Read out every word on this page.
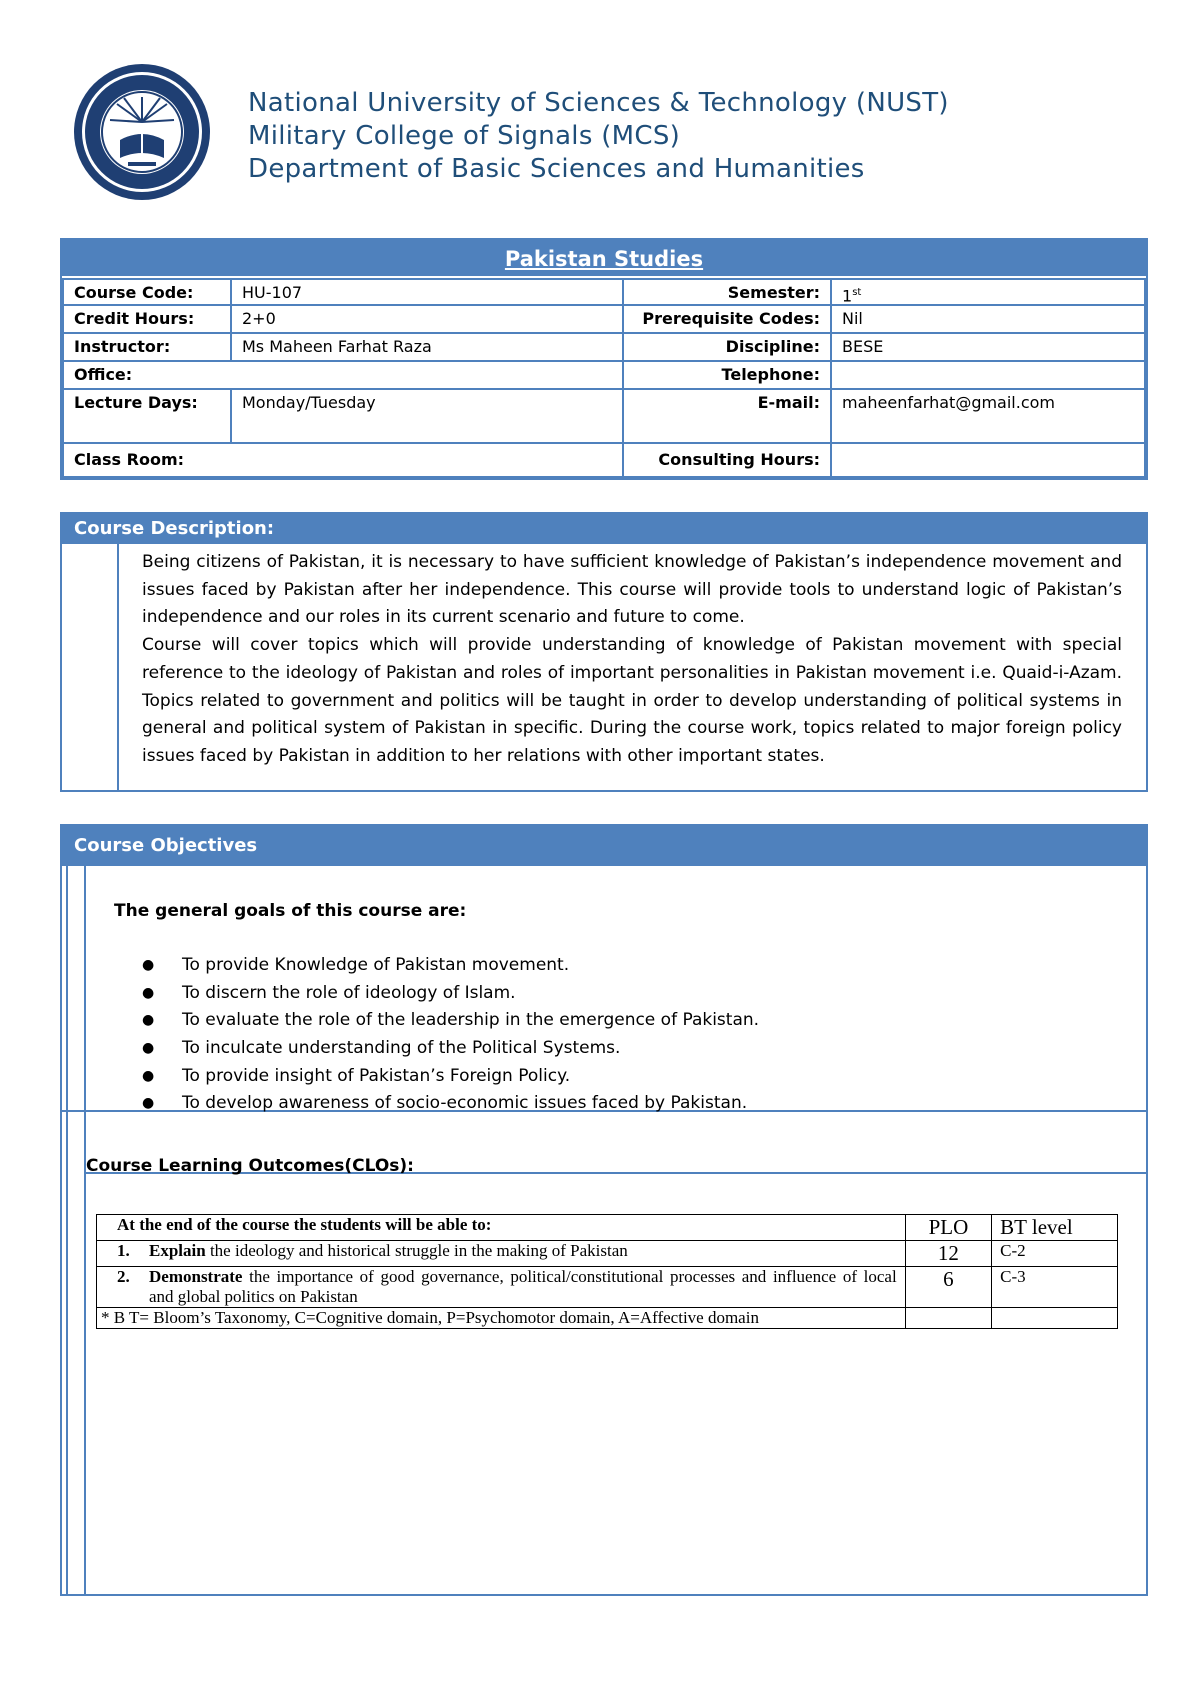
National University of Sciences & Technology (NUST)
Military College of Signals (MCS)
Department of Basic Sciences and Humanities
Pakistan Studies
Course Code:	HU-107	Semester:	1st
Credit Hours:	2+0	Prerequisite Codes:	Nil
Instructor:	Ms Maheen Farhat Raza	Discipline:	BESE
Office:	Telephone:
Lecture Days:	Monday/Tuesday	E-mail:	maheenfarhat@gmail.com
Class Room:	Consulting Hours:
Course Description:

Being citizens of Pakistan, it is necessary to have sufficient knowledge of Pakistan’s independence movement and issues faced by Pakistan after her independence. This course will provide tools to understand logic of Pakistan’s independence and our roles in its current scenario and future to come.

Course will cover topics which will provide understanding of knowledge of Pakistan movement with special reference to the ideology of Pakistan and roles of important personalities in Pakistan movement i.e. Quaid-i-Azam. Topics related to government and politics will be taught in order to develop understanding of political systems in general and political system of Pakistan in specific. During the course work, topics related to major foreign policy issues faced by Pakistan in addition to her relations with other important states.

Course Objectives
The general goals of this course are:
● To provide Knowledge of Pakistan movement.
● To discern the role of ideology of Islam.
● To evaluate the role of the leadership in the emergence of Pakistan.
● To inculcate understanding of the Political Systems.
● To provide insight of Pakistan’s Foreign Policy.
● To develop awareness of socio-economic issues faced by Pakistan.
Course Learning Outcomes(CLOs):
At the end of the course the students will be able to:	PLO	BT level
1. Explain the ideology and historical struggle in the making of Pakistan	12	C-2

2. Demonstrate the importance of good governance, political/constitutional processes and influence of local and global politics on Pakistan	6	C-3
* B T= Bloom’s Taxonomy, C=Cognitive domain, P=Psychomotor domain, A=Affective domain		
